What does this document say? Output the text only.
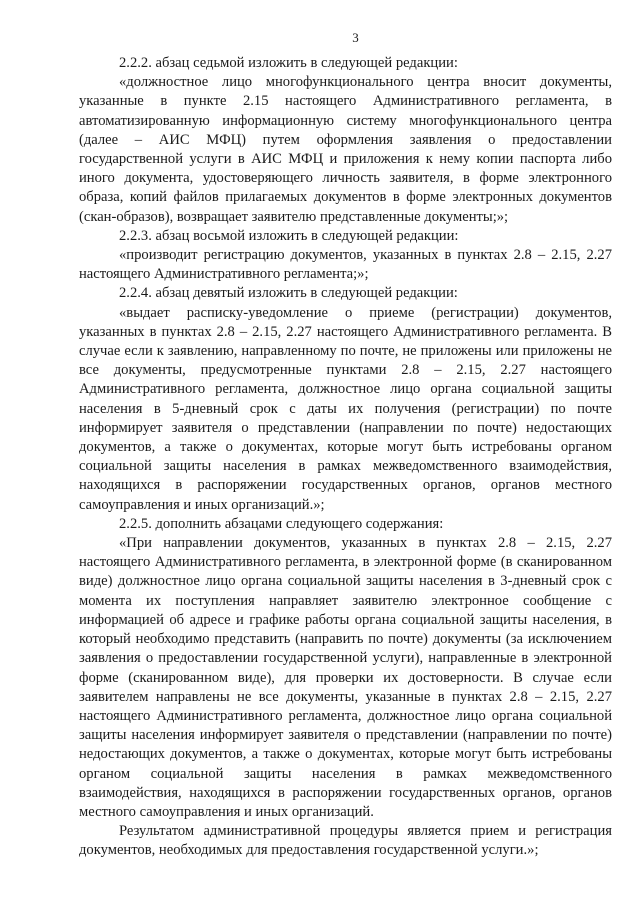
3

2.2.2. абзац седьмой изложить в следующей редакции:

«должностное лицо многофункционального центра вносит документы, указанные в пункте 2.15 настоящего Административного регламента, в автоматизированную информационную систему многофункционального центра (далее – АИС МФЦ) путем оформления заявления о предоставлении государственной услуги в АИС МФЦ и приложения к нему копии паспорта либо иного документа, удостоверяющего личность заявителя, в форме электронного образа, копий файлов прилагаемых документов в форме электронных документов (скан-образов), возвращает заявителю представленные документы;»;

2.2.3. абзац восьмой изложить в следующей редакции:

«производит регистрацию документов, указанных в пунктах 2.8 – 2.15, 2.27 настоящего Административного регламента;»;

2.2.4. абзац девятый изложить в следующей редакции:

«выдает расписку-уведомление о приеме (регистрации) документов, указанных в пунктах 2.8 – 2.15, 2.27 настоящего Административного регламента. В случае если к заявлению, направленному по почте, не приложены или приложены не все документы, предусмотренные пунктами 2.8 – 2.15, 2.27 настоящего Административного регламента, должностное лицо органа социальной защиты населения в 5-дневный срок с даты их получения (регистрации) по почте информирует заявителя о представлении (направлении по почте) недостающих документов, а также о документах, которые могут быть истребованы органом социальной защиты населения в рамках межведомственного взаимодействия, находящихся в распоряжении государственных органов, органов местного самоуправления и иных организаций.»;

2.2.5. дополнить абзацами следующего содержания:

«При направлении документов, указанных в пунктах 2.8 – 2.15, 2.27 настоящего Административного регламента, в электронной форме (в сканированном виде) должностное лицо органа социальной защиты населения в 3-дневный срок с момента их поступления направляет заявителю электронное сообщение с информацией об адресе и графике работы органа социальной защиты населения, в который необходимо представить (направить по почте) документы (за исключением заявления о предоставлении государственной услуги), направленные в электронной форме (сканированном виде), для проверки их достоверности. В случае если заявителем направлены не все документы, указанные в пунктах 2.8 – 2.15, 2.27 настоящего Административного регламента, должностное лицо органа социальной защиты населения информирует заявителя о представлении (направлении по почте) недостающих документов, а также о документах, которые могут быть истребованы органом социальной защиты населения в рамках межведомственного взаимодействия, находящихся в распоряжении государственных органов, органов местного самоуправления и иных организаций.

Результатом административной процедуры является прием и регистрация документов, необходимых для предоставления государственной услуги.»;
